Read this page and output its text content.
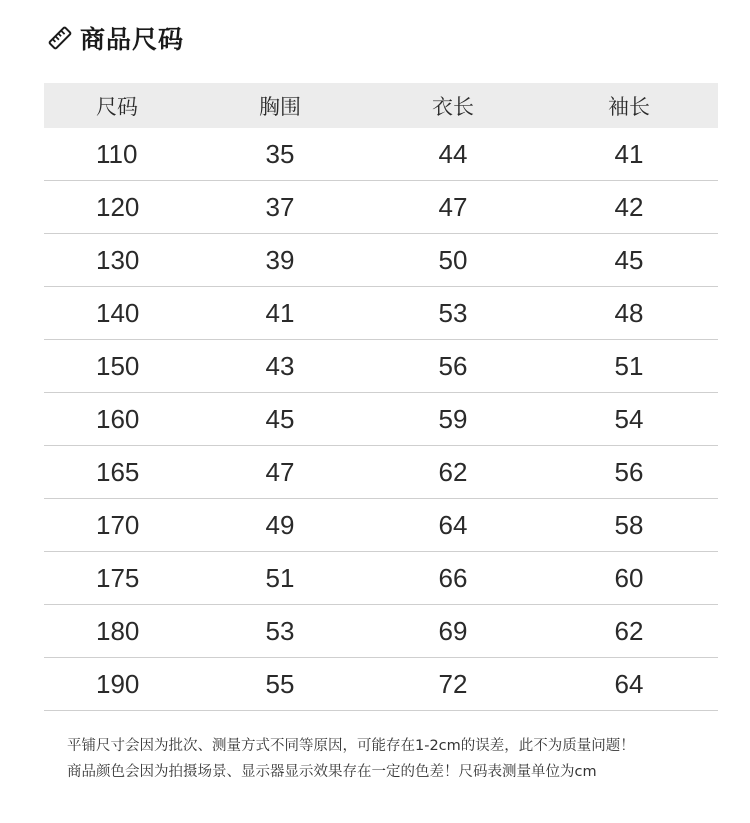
商品尺码
尺码	胸围	衣长	袖长
110	35	44	41
120	37	47	42
130	39	50	45
140	41	53	48
150	43	56	51
160	45	59	54
165	47	62	56
170	49	64	58
175	51	66	60
180	53	69	62
190	55	72	64
平铺尺寸会因为批次、测量方式不同等原因，可能存在1-2cm的误差，此不为质量问题！
商品颜色会因为拍摄场景、显示器显示效果存在一定的色差！尺码表测量单位为cm
